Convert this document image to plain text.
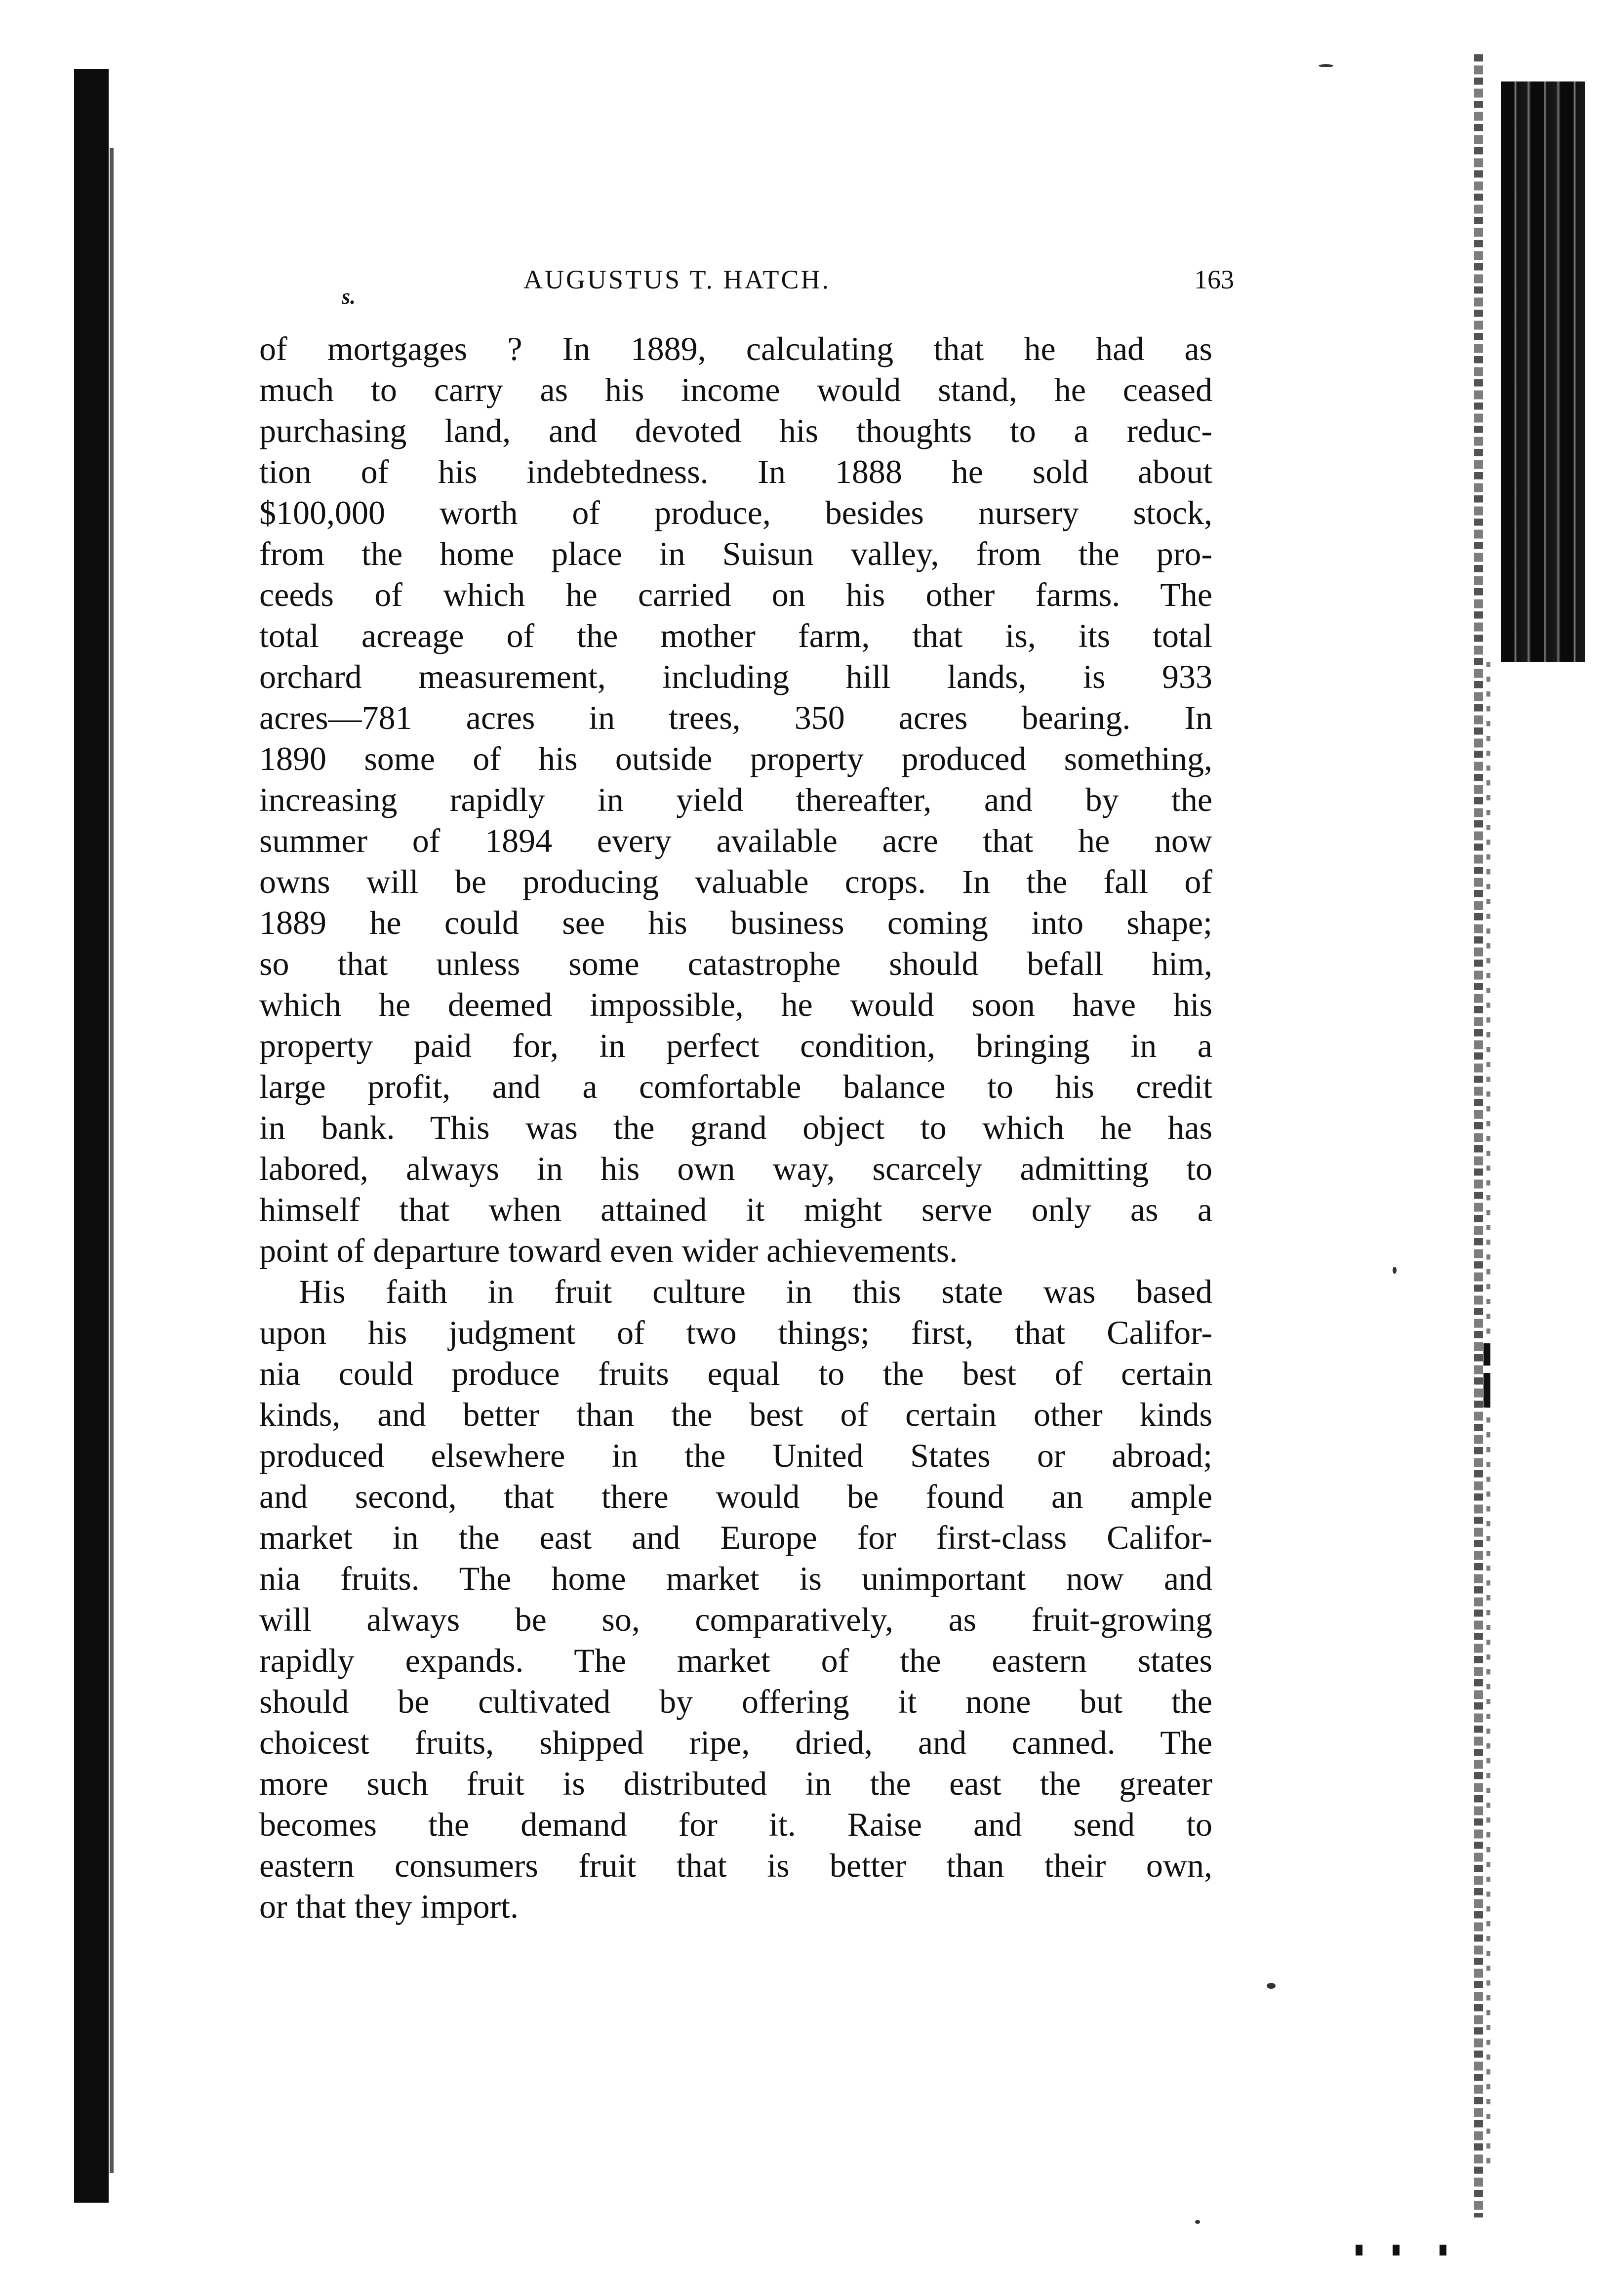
s.
AUGUSTUS T. HATCH.	163
of mortgages ? In 1889, calculating that he had as
much to carry as his income would stand, he ceased
purchasing land, and devoted his thoughts to a reduc-
tion of his indebtedness. In 1888 he sold about
$100,000 worth of produce, besides nursery stock,
from the home place in Suisun valley, from the pro-
ceeds of which he carried on his other farms. The
total acreage of the mother farm, that is, its total
orchard measurement, including hill lands, is 933
acres—781 acres in trees, 350 acres bearing. In
1890 some of his outside property produced something,
increasing rapidly in yield thereafter, and by the
summer of 1894 every available acre that he now
owns will be producing valuable crops. In the fall of
1889 he could see his business coming into shape;
so that unless some catastrophe should befall him,
which he deemed impossible, he would soon have his
property paid for, in perfect condition, bringing in a
large profit, and a comfortable balance to his credit
in bank. This was the grand object to which he has
labored, always in his own way, scarcely admitting to
himself that when attained it might serve only as a
point of departure toward even wider achievements.
His faith in fruit culture in this state was based
upon his judgment of two things; first, that Califor-
nia could produce fruits equal to the best of certain
kinds, and better than the best of certain other kinds
produced elsewhere in the United States or abroad;
and second, that there would be found an ample
market in the east and Europe for first-class Califor-
nia fruits. The home market is unimportant now and
will always be so, comparatively, as fruit-growing
rapidly expands. The market of the eastern states
should be cultivated by offering it none but the
choicest fruits, shipped ripe, dried, and canned. The
more such fruit is distributed in the east the greater
becomes the demand for it. Raise and send to
eastern consumers fruit that is better than their own,
or that they import.
